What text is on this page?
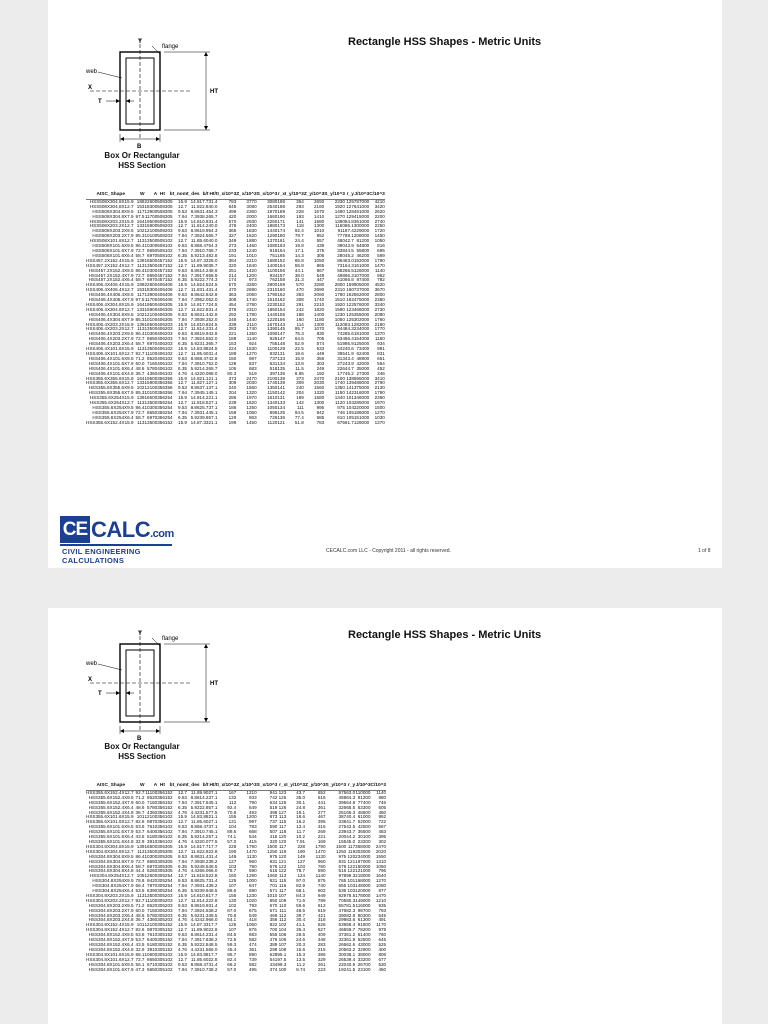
Rectangle HSS Shapes - Metric Units
Y
flange
web
X
HT
T
B
Box Or Rectangular
HSS Section
AISC_Shape	W	A	Ht	b	t_nom	t_des	b/t	Ht/t	I_x/10^3	Z_x/10^3	S_x/10^3	r_x	I_y/10^3	Z_y/10^3	S_y/10^3	r_y	J/10^3	C/10^3
HSS508X304.8X15.9	189	22600	508	305	15.9	14.8	17.7	31.4	783	3770	3080	186	354	2650	2330	125	787000	4210
HSS508X304.8X12.7	153	18300	508	305	12.7	11.8	22.8	40.0	645	3080	2540	188	293	2160	1920	127	641000	3420
HSS508X304.8X9.5	117	13900	508	305	9.53	8.86	31.4	54.3	499	2360	1970	189	228	1670	1490	128	491000	2620
HSS508X304.8X7.9	97.5	11700	508	305	7.94	7.39	38.2	65.7	420	2000	1660	190	193	1410	1270	129	415000	2200
HSS508X203.2X15.9	164	19500	508	203	15.9	14.8	10.8	31.4	570	2930	2250	171	141	1580	1390	84.8	361000	2740
HSS508X203.2X12.7	133	15900	508	203	12.7	11.8	14.2	40.0	476	2400	1880	173	118	1300	1160	86.1	300000	2250
HSS508X203.2X9.5	102	12100	508	203	9.53	8.86	19.9	54.3	365	1830	1440	174	92.4	1010	911	87.4	229000	1720
HSS508X203.2X7.9	85.3	10100	508	203	7.94	7.39	24.5	65.7	327	1620	1290	180	78.7	852	777	88.1	208000	1450
HSS508X101.6X12.7	113	13500	508	102	12.7	11.8	5.60	40.0	349	1880	1370	161	24.4	557	480	42.7	81200	1050
HSS508X101.6X9.5	86.4	10300	508	102	9.53	8.86	8.47	54.3	273	1460	1080	163	19.8	439	390	43.9	64800	816
HSS508X101.6X7.9	72.7	8650	508	102	7.94	7.39	10.7	65.7	233	1240	918	164	17.1	375	338	44.5	55800	695
HSS508X101.6X6.4	58.7	6970	508	102	6.35	5.92	13.4	82.8	191	1010	751	165	14.3	306	280	45.2	46200	569
HSS457.2X152.4X15.9	139	16500	457	152	15.9	14.8	7.33	28.0	384	2210	1680	152	65.8	1050	864	63.0	192000	1790
HSS457.2X152.4X12.7	113	13500	457	152	12.7	11.8	9.90	35.7	320	1840	1400	154	55.8	865	731	64.3	161000	1470
HSS457.2X152.4X9.5	86.4	10300	457	152	9.53	8.86	14.2	48.6	251	1420	1100	156	44.1	667	582	65.5	126000	1140
HSS457.2X152.4X7.9	72.7	8650	457	152	7.94	7.39	17.6	58.9	214	1200	934	157	38.0	549	498	66.3	107000	962
HSS457.2X152.4X6.4	58.7	6970	457	152	6.35	5.92	22.7	74.3	174	973	762	158	31.3	447	410	66.8	87400	782
HSS406.4X406.4X15.9	189	22600	406	406	15.9	14.8	24.5	24.5	570	3280	2800	159	570	3280	2800	159	905000	4520
HSS406.4X406.4X12.7	153	18300	406	406	12.7	11.8	31.4	31.4	470	2690	2310	160	470	2690	2310	160	737000	3670
HSS406.4X406.4X9.5	117	13900	406	406	9.53	8.86	42.8	42.8	363	2060	1790	162	363	2060	1790	162	562000	2800
HSS406.4X406.4X7.9	97.5	11700	406	406	7.94	7.39	52.0	52.0	308	1740	1510	162	308	1740	1510	162	475000	2360
HSS406.4X304.8X15.9	164	19500	406	305	15.9	14.8	17.7	24.5	454	2780	2230	152	291	2210	1920	122	576000	3340
HSS406.4X304.8X12.7	133	15900	406	305	12.7	11.8	22.8	31.4	376	2310	1850	154	242	1820	1590	123	468000	2730
HSS406.4X304.8X9.5	102	12100	406	305	9.53	8.86	31.4	42.8	292	1780	1440	155	188	1400	1230	125	355000	2080
HSS406.4X304.8X7.9	85.3	10100	406	305	7.94	7.39	38.2	52.0	248	1440	1220	156	160	1180	1050	125	302000	1760
HSS406.4X203.2X15.9	139	16500	406	203	15.9	14.8	10.8	24.5	339	2110	1670	143	114	1300	1120	83.1	282000	2180
HSS406.4X203.2X12.7	113	13500	406	203	12.7	11.8	14.2	31.4	283	1740	1390	145	95.7	1070	944	84.3	234000	1770
HSS406.4X203.2X9.5	86.4	10300	406	203	9.53	8.86	19.9	42.8	221	1350	1090	147	75.3	830	742	85.6	181000	1370
HSS406.4X203.2X7.9	72.7	8650	406	203	7.94	7.39	24.5	52.0	188	1140	926	147	64.5	705	634	86.4	154000	1150
HSS406.4X203.2X6.4	58.7	6970	406	203	6.35	5.92	31.3	65.7	153	924	755	148	52.9	574	519	86.9	125000	934
HSS406.4X101.6X15.9	113	13500	406	102	15.9	14.8	3.88	24.5	224	1530	1100	129	22.5	533	442	40.6	73400	991
HSS406.4X101.6X12.7	92.7	11100	406	102	12.7	11.8	5.60	31.4	189	1270	932	131	19.6	449	385	41.9	62400	831
HSS406.4X101.6X9.5	71.2	8520	406	102	9.53	8.86	8.47	42.8	150	987	737	133	15.9	356	313	43.4	48900	651
HSS406.4X101.6X7.9	60.0	7160	406	102	7.94	7.39	10.7	52.0	128	837	631	134	13.8	303	272	43.9	42000	554
HSS406.4X101.6X6.4	48.6	5780	406	102	6.35	5.92	14.2	65.7	105	683	518	135	11.5	249	226	44.7	35000	452
HSS406.4X101.6X4.8	36.7	4360	406	102	4.76	4.42	20.0	88.0	80.3	519	397	136	8.95	192	177	45.2	27300	346
HSS355.6X355.6X15.9	164	19500	356	356	15.9	14.8	21.1	21.1	373	2470	2100	138	373	2470	2100	138	595000	3410
HSS355.6X355.6X12.7	133	15900	356	356	12.7	11.8	27.1	27.1	309	2030	1740	139	309	2030	1740	139	488000	2790
HSS355.6X355.6X9.5	102	12100	356	356	9.53	8.86	37.1	37.1	240	1560	1350	141	240	1560	1350	141	375000	2130
HSS355.6X355.6X7.9	85.3	10100	356	356	7.94	7.39	45.1	45.1	204	1320	1150	142	204	1320	1150	142	316000	1790
HSS355.6X254X15.9	139	16500	356	254	15.9	14.8	14.2	21.1	286	1970	1610	131	169	1580	1340	101	346000	2390
HSS355.6X254X12.7	113	13500	356	254	12.7	11.8	18.5	27.1	239	1620	1340	133	142	1300	1120	103	285000	1970
HSS355.6X254X9.5	86.4	10300	356	254	9.53	8.86	25.7	37.1	186	1250	1050	134	111	995	875	104	220000	1500
HSS355.6X254X7.9	72.7	8650	356	254	7.94	7.39	31.4	45.1	158	1060	896	135	94.5	842	746	105	186000	1270
HSS355.6X254X6.4	58.7	6970	356	254	6.35	5.92	39.9	57.1	129	863	726	136	77.4	685	610	105	151000	1030
HSS355.6X152.4X15.9	113	13500	356	152	15.9	14.8	7.33	21.1	199	1450	1120	121	51.8	783	675	61.7	128000	1370
CE CALC.com
CIVIL ENGINEERING
CALCULATIONS
CECALC.com LLC - Copyright 2011 - all rights reserved.	1 of 8
Rectangle HSS Shapes - Metric Units
Y
flange
web
X
HT
T
B
Box Or Rectangular
HSS Section
AISC_Shape	W	A	Ht	b	t_nom	t_des	b/t	Ht/t	I_x/10^3	Z_x/10^3	S_x/10^3	r_x	I_y/10^3	Z_y/10^3	S_y/10^3	r_y	J/10^3	C/10^3
HSS355.6X152.4X12.7	92.7	11100	356	152	12.7	11.8	9.90	27.1	167	1210	941	123	43.7	652	575	63.0	110000	1140
HSS355.6X152.4X9.5	71.2	8520	356	152	9.53	8.86	14.2	37.1	132	933	742	125	35.0	516	459	64.3	81200	880
HSS355.6X152.4X7.9	60.0	7160	356	152	7.94	7.39	17.6	45.1	112	790	634	125	30.1	441	395	64.8	77400	746
HSS355.6X152.4X6.4	48.6	5780	356	152	6.35	5.92	22.8	57.1	92.4	649	519	126	24.8	361	326	65.5	63300	605
HSS355.6X152.4X4.8	36.7	4360	356	152	4.76	4.42	31.5	77.5	70.8	493	398	127	19.1	277	251	66.3	48600	460
HSS355.6X101.6X15.9	101	12100	356	102	15.9	14.8	3.88	21.1	155	1200	873	113	18.6	467	387	40.4	61000	862
HSS355.6X101.6X12.7	82.6	9870	356	102	12.7	11.8	5.60	27.1	131	997	737	115	16.2	395	338	41.7	52000	722
HSS355.6X101.6X9.5	63.6	7610	356	102	9.53	8.86	8.47	37.1	104	783	590	117	13.4	315	275	42.5	42500	567
HSS355.6X101.6X7.9	53.7	6400	356	102	7.94	7.39	10.7	45.1	89.5	668	507	118	11.7	269	239	43.7	36500	483
HSS355.6X101.6X6.4	43.5	5180	356	102	6.35	5.92	14.2	57.1	74.1	544	416	120	10.2	221	200	44.2	30100	395
HSS355.6X101.6X4.8	32.9	3910	356	102	4.76	4.42	20.0	77.5	57.0	415	320	120	7.91	169	155	45.0	23200	302
HSS304.8X304.8X15.9	139	16500	305	305	15.9	14.8	17.7	17.7	228	1790	1500	117	228	1790	1500	117	368000	2470
HSS304.8X304.8X12.7	113	13500	305	305	12.7	11.8	22.8	22.8	190	1470	1250	119	190	1470	1250	119	303000	2020
HSS304.8X304.8X9.5	86.4	10300	305	305	9.53	8.86	31.4	31.4	149	1130	975	120	149	1130	975	120	234000	1550
HSS304.8X304.8X7.9	72.7	8650	305	305	7.94	7.39	38.2	38.2	127	960	831	121	127	960	831	121	197000	1310
HSS304.8X304.8X6.4	58.7	6970	305	305	6.35	5.92	48.5	48.5	103	780	678	122	103	780	678	122	160000	1060
HSS304.8X304.8X4.8	44.4	5260	305	305	4.76	4.42	66.0	66.0	78.7	590	516	122	78.7	590	516	122	121000	796
HSS304.8X254X12.7	105	12600	305	254	12.7	11.8	18.5	22.8	160	1290	1060	113	124	1140	978	99.3	218000	1640
HSS304.8X254X9.5	78.8	9420	305	254	9.53	8.86	25.7	31.4	125	1000	821	115	97.0	875	765	101	168000	1270
HSS304.8X254X7.9	66.4	7870	305	254	7.94	7.39	31.4	38.2	107	847	701	116	82.9	740	655	103	148000	1080
HSS304.8X254X6.4	53.6	6390	305	254	6.35	5.92	39.9	48.5	86.6	690	571	117	68.1	602	536	103	120000	877
HSS304.8X203.2X15.9	113	13500	305	203	15.9	14.8	10.8	17.7	155	1230	1010	107	84.3	949	829	78.5	178000	1470
HSS304.8X203.2X12.7	92.7	11100	305	203	12.7	11.8	14.2	22.8	130	1020	850	109	71.6	789	705	80.3	149000	1210
HSS304.8X203.2X9.5	71.2	8520	305	203	9.53	8.86	19.9	31.4	102	793	670	110	56.6	612	557	81.5	116000	935
HSS304.8X203.2X7.9	60.0	7160	305	203	7.94	7.39	24.5	38.2	87.0	675	571	111	48.5	519	476	82.3	98700	793
HSS304.8X203.2X6.4	48.6	5780	305	203	6.35	5.92	31.3	48.5	70.8	549	466	112	39.7	421	390	82.8	80300	645
HSS304.8X203.2X4.8	36.7	4360	305	203	4.76	4.42	42.9	66.0	54.1	418	356	112	30.4	318	299	83.6	61300	491
HSS304.8X152.4X15.9	101	12100	305	152	15.9	14.8	7.33	17.7	125	1060	822	102	41.1	626	539	58.4	91800	1170
HSS304.8X152.4X12.7	82.6	9870	305	152	12.7	11.8	9.90	22.8	107	876	700	104	35.4	527	465	59.7	78200	979
HSS304.8X152.4X9.5	63.6	7610	305	152	9.53	8.86	14.2	31.4	84.5	683	555	106	28.5	409	373	61.2	61400	760
HSS304.8X152.4X7.9	53.7	6400	305	152	7.94	7.39	17.6	38.2	72.5	582	476	106	24.6	348	323	61.9	52500	645
HSS304.8X152.4X6.4	43.5	5180	305	152	6.35	5.92	22.8	48.5	59.3	474	389	107	20.3	283	266	62.6	43000	525
HSS304.8X152.4X4.8	32.9	3910	305	152	4.76	4.42	31.5	66.0	45.4	361	298	108	15.6	215	205	63.2	32900	400
HSS304.8X101.6X15.9	88.1	10600	305	102	15.9	14.8	3.88	17.7	95.7	890	628	95.1	15.3	386	300	38.1	38000	806
HSS304.8X101.6X12.7	72.7	8650	305	102	12.7	11.8	5.60	22.8	82.4	739	541	97.5	13.5	329	265	39.4	33200	677
HSS304.8X101.6X9.5	56.1	6710	305	102	9.53	8.86	8.47	31.4	66.2	582	434	99.3	11.2	261	220	40.9	26700	530
HSS304.8X101.6X7.9	47.3	5650	305	102	7.94	7.39	10.7	38.2	57.0	495	374	100	9.74	223	192	41.5	23100	450
